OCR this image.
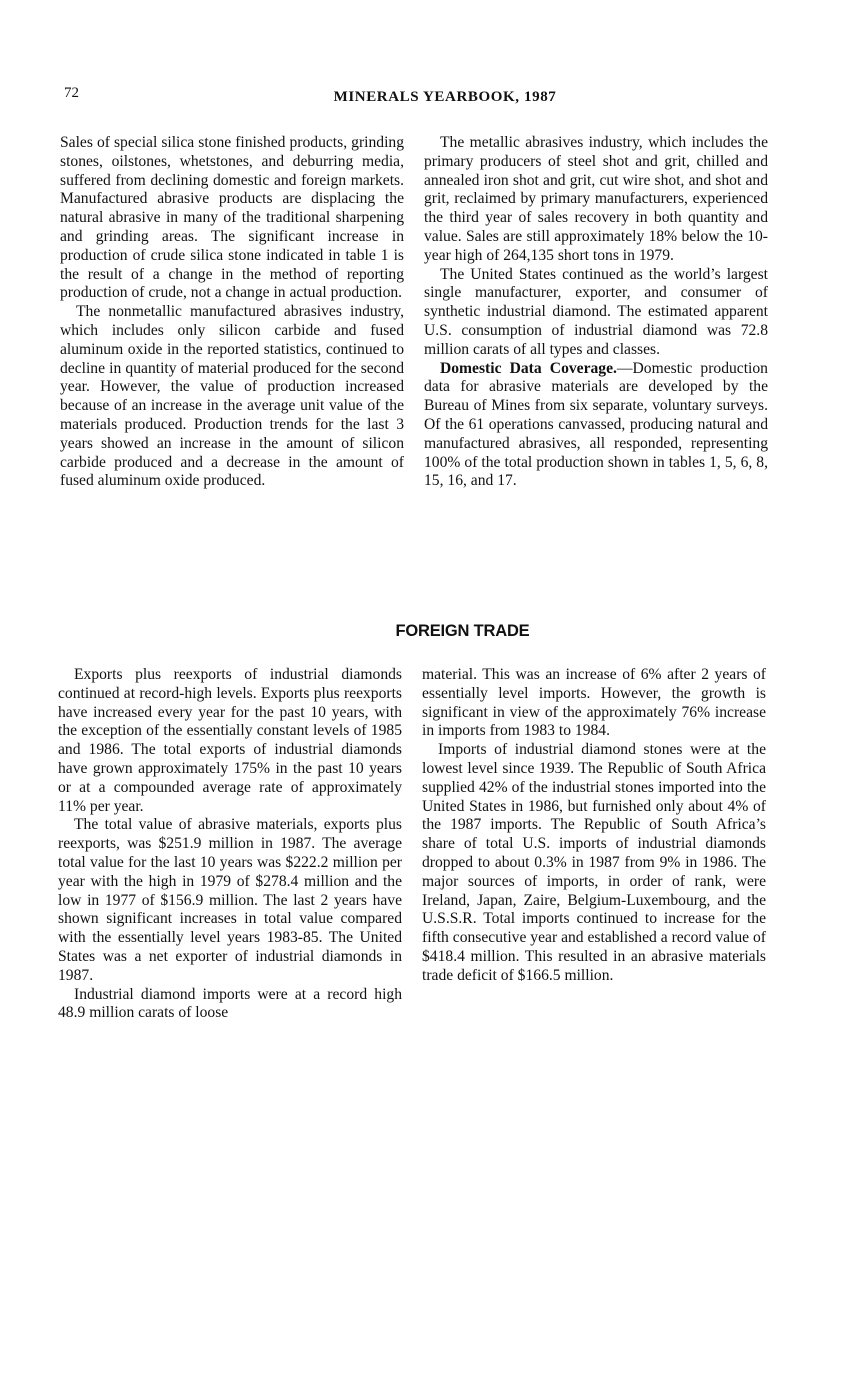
72	MINERALS YEARBOOK, 1987

Sales of special silica stone finished products, grinding stones, oilstones, whetstones, and deburring media, suffered from declining domestic and foreign markets. Manufactured abrasive products are displacing the natural abrasive in many of the traditional sharpening and grinding areas. The significant increase in production of crude silica stone indicated in table 1 is the result of a change in the method of reporting production of crude, not a change in actual production.

The nonmetallic manufactured abrasives industry, which includes only silicon carbide and fused aluminum oxide in the reported statistics, continued to decline in quantity of material produced for the second year. However, the value of production increased because of an increase in the average unit value of the materials produced. Production trends for the last 3 years showed an increase in the amount of silicon carbide produced and a decrease in the amount of fused aluminum oxide produced.

The metallic abrasives industry, which includes the primary producers of steel shot and grit, chilled and annealed iron shot and grit, cut wire shot, and shot and grit, reclaimed by primary manufacturers, experienced the third year of sales recovery in both quantity and value. Sales are still approximately 18% below the 10-year high of 264,135 short tons in 1979.

The United States continued as the world’s largest single manufacturer, exporter, and consumer of synthetic industrial diamond. The estimated apparent U.S. consumption of industrial diamond was 72.8 million carats of all types and classes.

Domestic Data Coverage.—Domestic production data for abrasive materials are developed by the Bureau of Mines from six separate, voluntary surveys. Of the 61 operations canvassed, producing natural and manufactured abrasives, all responded, representing 100% of the total production shown in tables 1, 5, 6, 8, 15, 16, and 17.

FOREIGN TRADE

Exports plus reexports of industrial diamonds continued at record-high levels. Exports plus reexports have increased every year for the past 10 years, with the exception of the essentially constant levels of 1985 and 1986. The total exports of industrial diamonds have grown approximately 175% in the past 10 years or at a compounded average rate of approximately 11% per year.

The total value of abrasive materials, exports plus reexports, was $251.9 million in 1987. The average total value for the last 10 years was $222.2 million per year with the high in 1979 of $278.4 million and the low in 1977 of $156.9 million. The last 2 years have shown significant increases in total value compared with the essentially level years 1983-85. The United States was a net exporter of industrial diamonds in 1987.

Industrial diamond imports were at a record high 48.9 million carats of loose

material. This was an increase of 6% after 2 years of essentially level imports. However, the growth is significant in view of the approximately 76% increase in imports from 1983 to 1984.

Imports of industrial diamond stones were at the lowest level since 1939. The Republic of South Africa supplied 42% of the industrial stones imported into the United States in 1986, but furnished only about 4% of the 1987 imports. The Republic of South Africa’s share of total U.S. imports of industrial diamonds dropped to about 0.3% in 1987 from 9% in 1986. The major sources of imports, in order of rank, were Ireland, Japan, Zaire, Belgium-Luxembourg, and the U.S.S.R. Total imports continued to increase for the fifth consecutive year and established a record value of $418.4 million. This resulted in an abrasive materials trade deficit of $166.5 million.
